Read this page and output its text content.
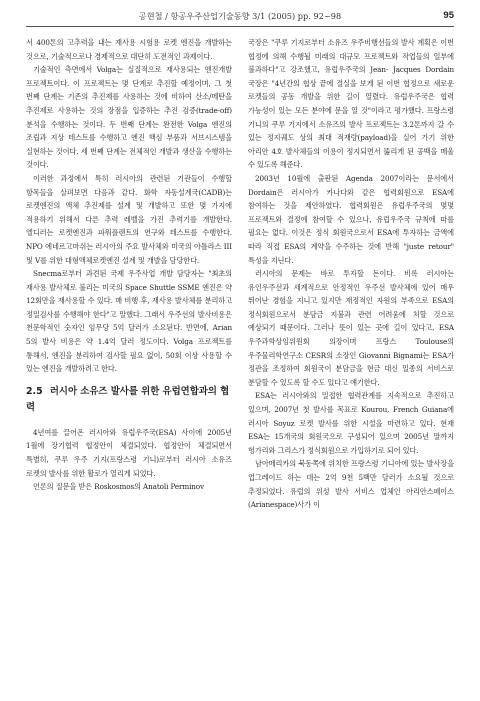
공현철 / 항공우주산업기술동향 3/1 (2005) pp. 92~98	95

서 400톤의 고추력을 내는 재사용 시험용 로켓 엔진을 개발하는 것으로, 기술적으로나 경제적으로 대단히 도전적인 과제이다.

기술적인 측면에서 Volga는 실질적으로 재사용되는 엔진개발 프로젝트이다. 이 프로젝트는 몇 단계로 추진할 예정이며, 그 첫 번째 단계는 기존의 추진제를 사용하는 것에 비하여 산소/메탄을 추진제로 사용하는 것의 장점을 입증하는 추진 검증(trade-off) 분석을 수행하는 것이다. 두 번째 단계는 완전한 Volga 엔진의 조립과 지상 테스트를 수행하고 엔진 핵심 부품과 서브시스템을 실현하는 것이다. 세 번째 단계는 전체적인 개발과 생산을 수행하는 것이다.

이러한 과정에서 특히 러시아의 관련된 기관들이 수행할 항목들을 살펴보면 다음과 같다. 화학 자동설계국(CADB)는 로켓엔진의 액체 추진제를 설계 및 개발하고 또한 몇 가지에 적용하기 위해서 다른 추력 레벨을 가진 추력기를 개발한다. 엘디러는 로켓엔진과 파워플랜트의 연구와 테스트를 수행한다. NPO 에네르고마쉬는 러시아의 주요 발사체와 미국의 아틀라스 III 및 V를 위한 대형액체로켓엔진 설계 및 개발을 담당한다.

Snecma로부터 과견된 국제 우주사업 개발 담당자는 "최초의 재사용 발사체로 불리는 미국의 Space Shuttle SSME 엔진은 약 12회만을 재사용할 수 있다. 매 비행 후, 재사용 발사체를 분리하고 정밀검사를 수행해야 한다"고 말했다. 그래서 우주선의 발사비용은 천문학적인 숫자인 임무당 5억 달러가 소요된다. 반면에, Arian 5의 발사 비용은 약 1.4억 달러 정도이다. Volga 프로젝트를 통해서, 엔진을 분리하여 검사할 필요 없이, 50회 이상 사용할 수 있는 엔진을 개발하려고 한다.

2.5 러시아 소유즈 발사를 위한 유럽연합과의 협력

4년여를 끌어온 러시아와 유럽우주국(ESA) 사이에 2005년 1월에 장기협력 협정안이 체결되었다. 협정안이 체결되면서 특별히, 쿠루 우주 기지(프랑스령 기니)로부터 러시아 소유즈 로켓의 발사를 위한 활로가 열리게 되었다.

언론의 질문을 받은 Roskosmos의 Anatoli Perminov

국장은 "쿠루 기지로부터 소유즈 우주비행선들의 발사 계획은 이번 협정에 의해 수행될 미래의 대규모 프로젝트와 작업들의 일부에 불과하다"고 강조했고, 유럽우주국의 Jean- Jacques Dordain 국장은 "4년간의 협상 끝에 결실을 보게 된 이번 협정으로 새로운 로켓들의 공동 개발을 위한 길이 열렸다. 유럽우주국은 협력 가능성이 있는 모든 분야에 문을 열 것"이라고 평가했다. 프랑스령 기니의 쿠루 기지에서 소유즈의 발사 프로젝트는 3.2톤까지 갈 수 있는 정지궤도 상의 최대 적재량(payload)을 실어 가기 위한 아리안 4호 발사체들의 이용이 정지되면서 뚫리게 된 공백을 메울 수 있도록 해준다.

2003년 10월에 출판된 Agenda 2007이라는 문서에서 Dordain은 러시아가 카나다와 같은 협력회원으로 ESA에 참여하는 것을 제안하였다. 협력회원은 유럽우주국의 몇몇 프로젝트와 결정에 참여할 수 있으나, 유럽우주국 규칙에 따를 필요는 없다. 이것은 정식 회원국으로서 ESA에 투자하는 금액에 따라 직접 ESA의 계약을 수주하는 것에 반해 "juste retour" 특성을 지닌다.

러시아의 문제는 바로 투자할 돈이다. 비록 러시아는 유인우주선과 세계적으로 안정적인 우주선 발사체에 있어 매우 뛰어난 경험을 지니고 있지만 재정적인 자원의 부족으로 ESA의 정식회원으로서 분담금 지불과 관련 어려움에 처할 것으로 예상되기 때문이다. 그러나 뜻이 있는 곳에 길이 있다고, ESA 우주과학상임위원회 의장이며 프랑스 Toulouse의 우주물리학연구소 CESR의 소장인 Giovanni Bignami는 ESA가 정관을 조정하여 회원국이 분담금을 현금 대신 일종의 서비스로 분담할 수 있도록 할 수도 있다고 얘기한다.

ESA는 러시아와의 밀접한 협력관계를 지속적으로 추진하고 있으며, 2007년 첫 발사를 목표로 Kourou, French Guiana에 러시아 Soyuz 로켓 발사를 위한 시설을 마련하고 있다. 현재 ESA는 15개국의 회원국으로 구성되어 있으며 2005년 말까지 헝가리와 그리스가 정식회원으로 가입하기로 되어 있다.

남아메리카의 북동쪽에 위치한 프랑스령 기니아에 있는 발사장을 업그레이드 하는 데는 2억 9천 5백만 달러가 소요될 것으로 추정되었다. 유럽의 위성 발사 서비스 업체인 아리안스페이스(Arianespace)사가 이
